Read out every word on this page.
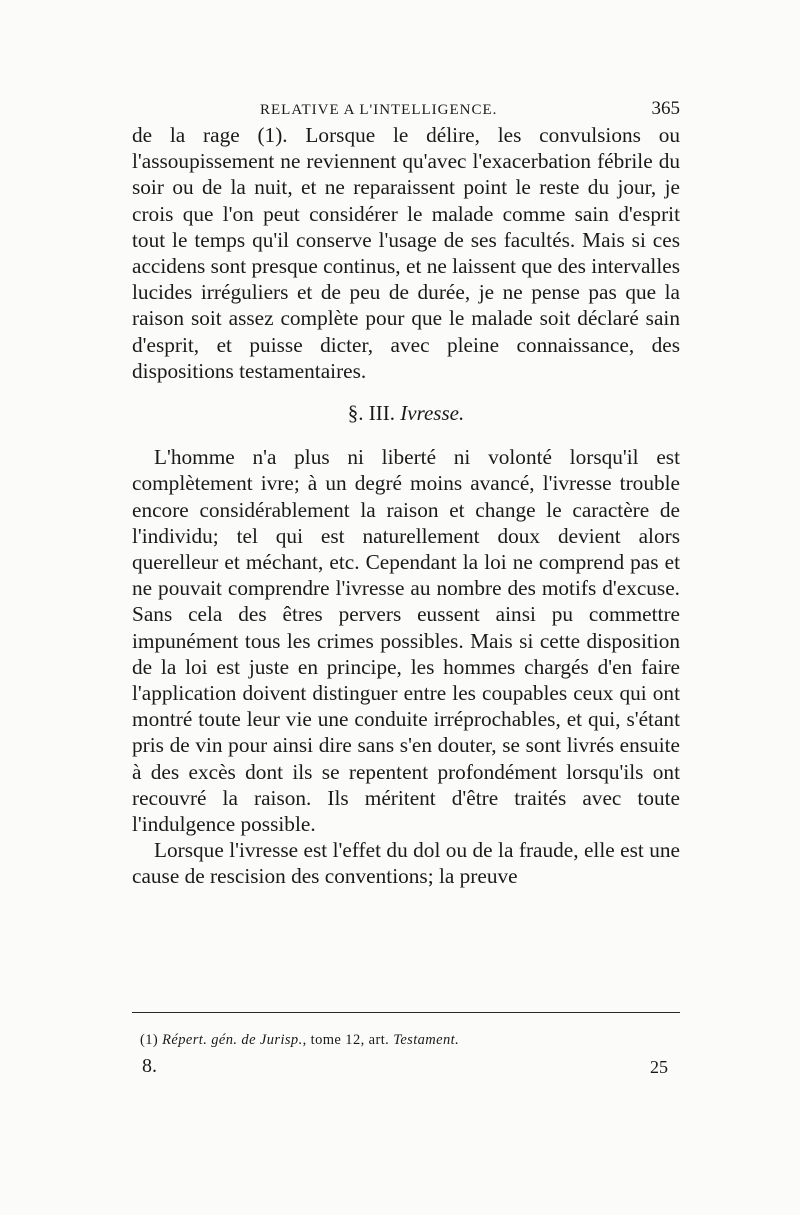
RELATIVE A L'INTELLIGENCE.	365

de la rage (1). Lorsque le délire, les convulsions ou l'assoupissement ne reviennent qu'avec l'exacerbation fébrile du soir ou de la nuit, et ne reparaissent point le reste du jour, je crois que l'on peut considérer le malade comme sain d'esprit tout le temps qu'il conserve l'usage de ses facultés. Mais si ces accidens sont presque continus, et ne laissent que des intervalles lucides irréguliers et de peu de durée, je ne pense pas que la raison soit assez complète pour que le malade soit déclaré sain d'esprit, et puisse dicter, avec pleine connaissance, des dispositions testamentaires.

§. III. Ivresse.

L'homme n'a plus ni liberté ni volonté lorsqu'il est complètement ivre; à un degré moins avancé, l'ivresse trouble encore considérablement la raison et change le caractère de l'individu; tel qui est naturellement doux devient alors querelleur et méchant, etc. Cependant la loi ne comprend pas et ne pouvait comprendre l'ivresse au nombre des motifs d'excuse. Sans cela des êtres pervers eussent ainsi pu commettre impunément tous les crimes possibles. Mais si cette disposition de la loi est juste en principe, les hommes chargés d'en faire l'application doivent distinguer entre les coupables ceux qui ont montré toute leur vie une conduite irréprochables, et qui, s'étant pris de vin pour ainsi dire sans s'en douter, se sont livrés ensuite à des excès dont ils se repentent profondément lorsqu'ils ont recouvré la raison. Ils méritent d'être traités avec toute l'indulgence possible.

Lorsque l'ivresse est l'effet du dol ou de la fraude, elle est une cause de rescision des conventions; la preuve

(1) Répert. gén. de Jurisp., tome 12, art. Testament.
8.	25
